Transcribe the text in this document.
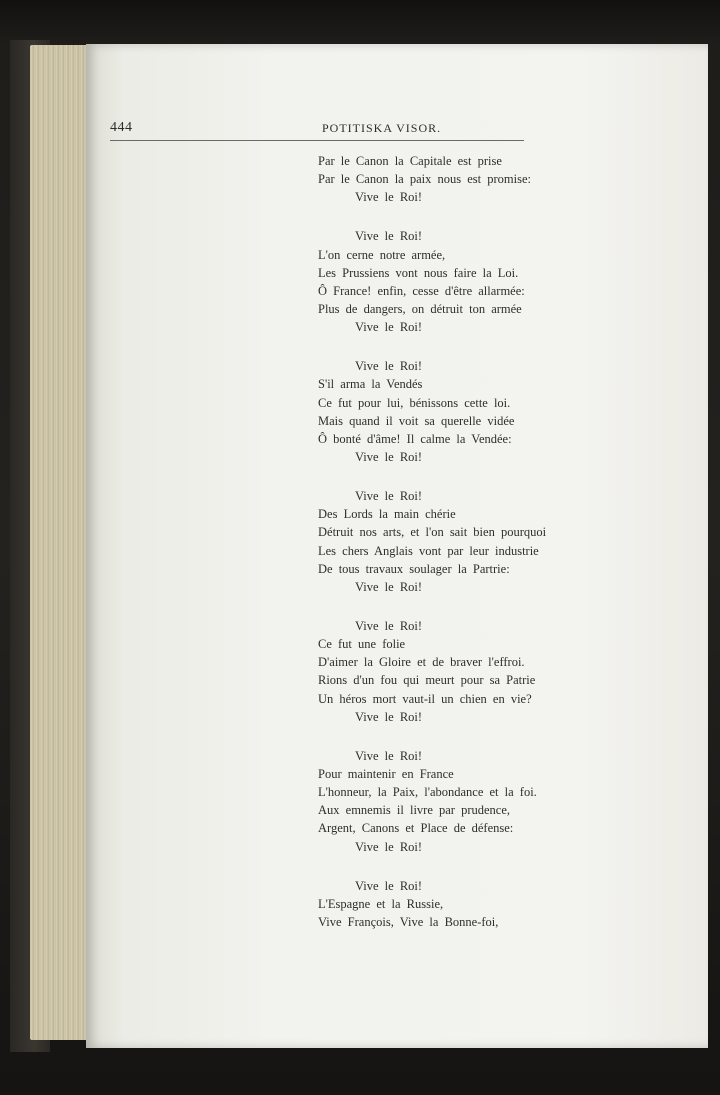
444	POTITISKA VISOR.
Par le Canon la Capitale est prise
Par le Canon la paix nous est promise:
Vive le Roi!
Vive le Roi!
L'on cerne notre armée,
Les Prussiens vont nous faire la Loi.
Ô France! enfin, cesse d'être allarmée:
Plus de dangers, on détruit ton armée
Vive le Roi!
Vive le Roi!
S'il arma la Vendés
Ce fut pour lui, bénissons cette loi.
Mais quand il voit sa querelle vidée
Ô bonté d'âme! Il calme la Vendée:
Vive le Roi!
Vive le Roi!
Des Lords la main chérie
Détruit nos arts, et l'on sait bien pourquoi
Les chers Anglais vont par leur industrie
De tous travaux soulager la Partrie:
Vive le Roi!
Vive le Roi!
Ce fut une folie
D'aimer la Gloire et de braver l'effroi.
Rions d'un fou qui meurt pour sa Patrie
Un héros mort vaut-il un chien en vie?
Vive le Roi!
Vive le Roi!
Pour maintenir en France
L'honneur, la Paix, l'abondance et la foi.
Aux emnemis il livre par prudence,
Argent, Canons et Place de défense:
Vive le Roi!
Vive le Roi!
L'Espagne et la Russie,
Vive François, Vive la Bonne-foi,
